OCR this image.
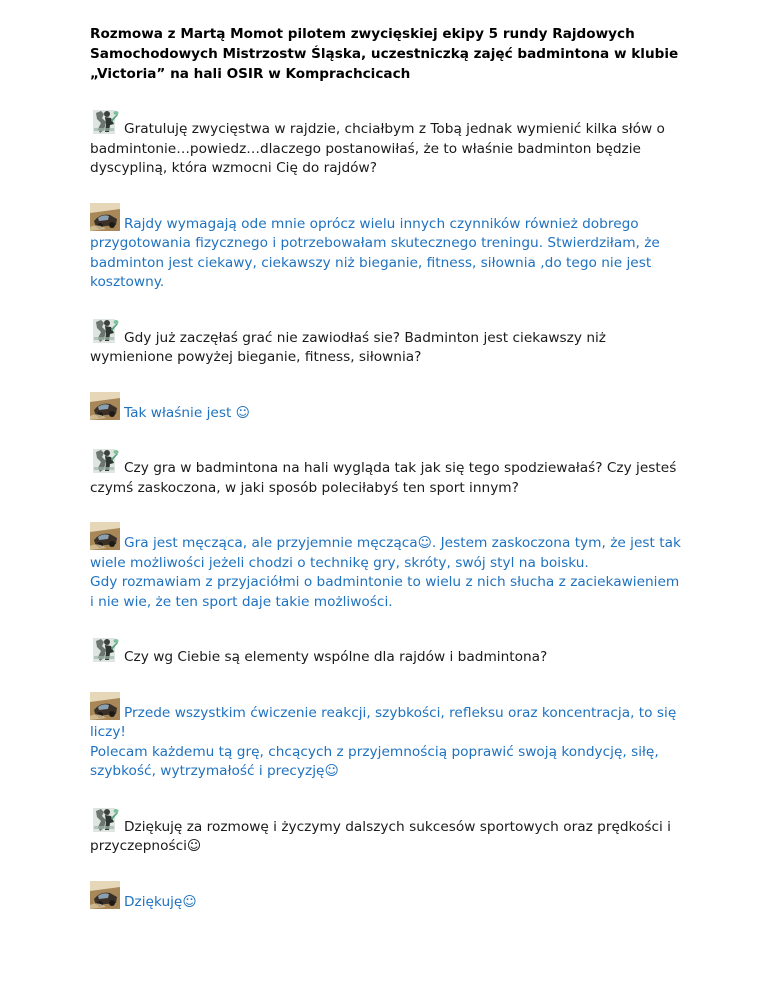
Rozmowa z Martą Momot pilotem zwycięskiej ekipy 5 rundy Rajdowych Samochodowych Mistrzostw Śląska, uczestniczką zajęć badmintona w klubie „Victoria” na hali OSIR w Komprachcicach

Gratuluję zwycięstwa w rajdzie, chciałbym z Tobą jednak wymienić kilka słów o
badmintonie…powiedz…dlaczego postanowiłaś, że to właśnie badminton będzie
dyscypliną, która wzmocni Cię do rajdów?

Rajdy wymagają ode mnie oprócz wielu innych czynników również dobrego
przygotowania fizycznego i potrzebowałam skutecznego treningu. Stwierdziłam, że
badminton jest ciekawy, ciekawszy niż bieganie, fitness, siłownia ,do tego nie jest
kosztowny.

Gdy już zaczęłaś grać nie zawiodłaś sie? Badminton jest ciekawszy niż
wymienione powyżej bieganie, fitness, siłownia?

Tak właśnie jest ☺

Czy gra w badmintona na hali wygląda tak jak się tego spodziewałaś? Czy jesteś
czymś zaskoczona, w jaki sposób poleciłabyś ten sport innym?

Gra jest męcząca, ale przyjemnie męcząca☺. Jestem zaskoczona tym, że jest tak
wiele możliwości jeżeli chodzi o technikę gry, skróty, swój styl na boisku.
Gdy rozmawiam z przyjaciółmi o badmintonie to wielu z nich słucha z zaciekawieniem
i nie wie, że ten sport daje takie możliwości.

Czy wg Ciebie są elementy wspólne dla rajdów i badmintona?

Przede wszystkim ćwiczenie reakcji, szybkości, refleksu oraz koncentracja, to się
liczy!
Polecam każdemu tą grę, chcących z przyjemnością poprawić swoją kondycję, siłę,
szybkość, wytrzymałość i precyzję☺

Dziękuję za rozmowę i życzymy dalszych sukcesów sportowych oraz prędkości i
przyczepności☺

Dziękuję☺
